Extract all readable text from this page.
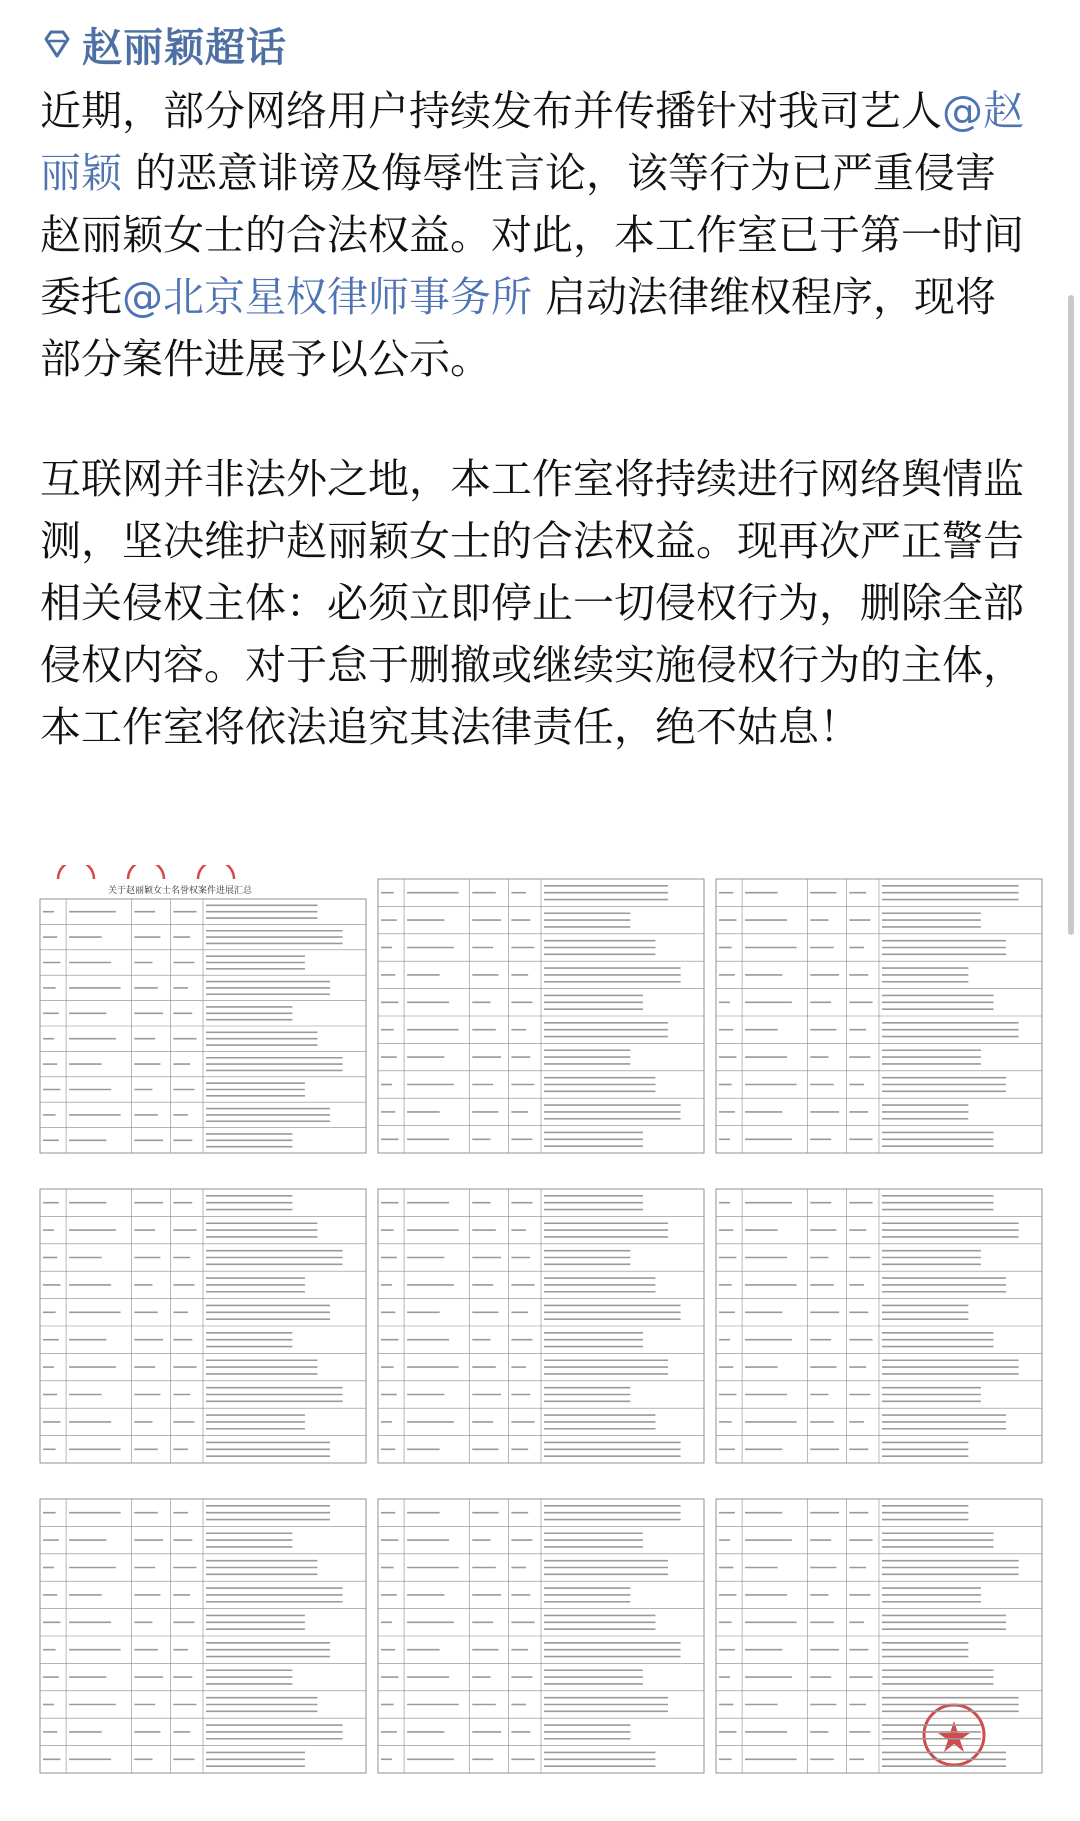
赵丽颖超话

近期，部分网络用户持续发布并传播针对我司艺人@赵丽颖 的恶意诽谤及侮辱性言论，该等行为已严重侵害赵丽颖女士的合法权益。对此，本工作室已于第一时间委托@北京星权律师事务所 启动法律维权程序，现将部分案件进展予以公示。

互联网并非法外之地，本工作室将持续进行网络舆情监测，坚决维护赵丽颖女士的合法权益。现再次严正警告相关侵权主体：必须立即停止一切侵权行为，删除全部侵权内容。对于怠于删撤或继续实施侵权行为的主体，本工作室将依法追究其法律责任，绝不姑息！

关于赵丽颖女士名誉权案件进展汇总
